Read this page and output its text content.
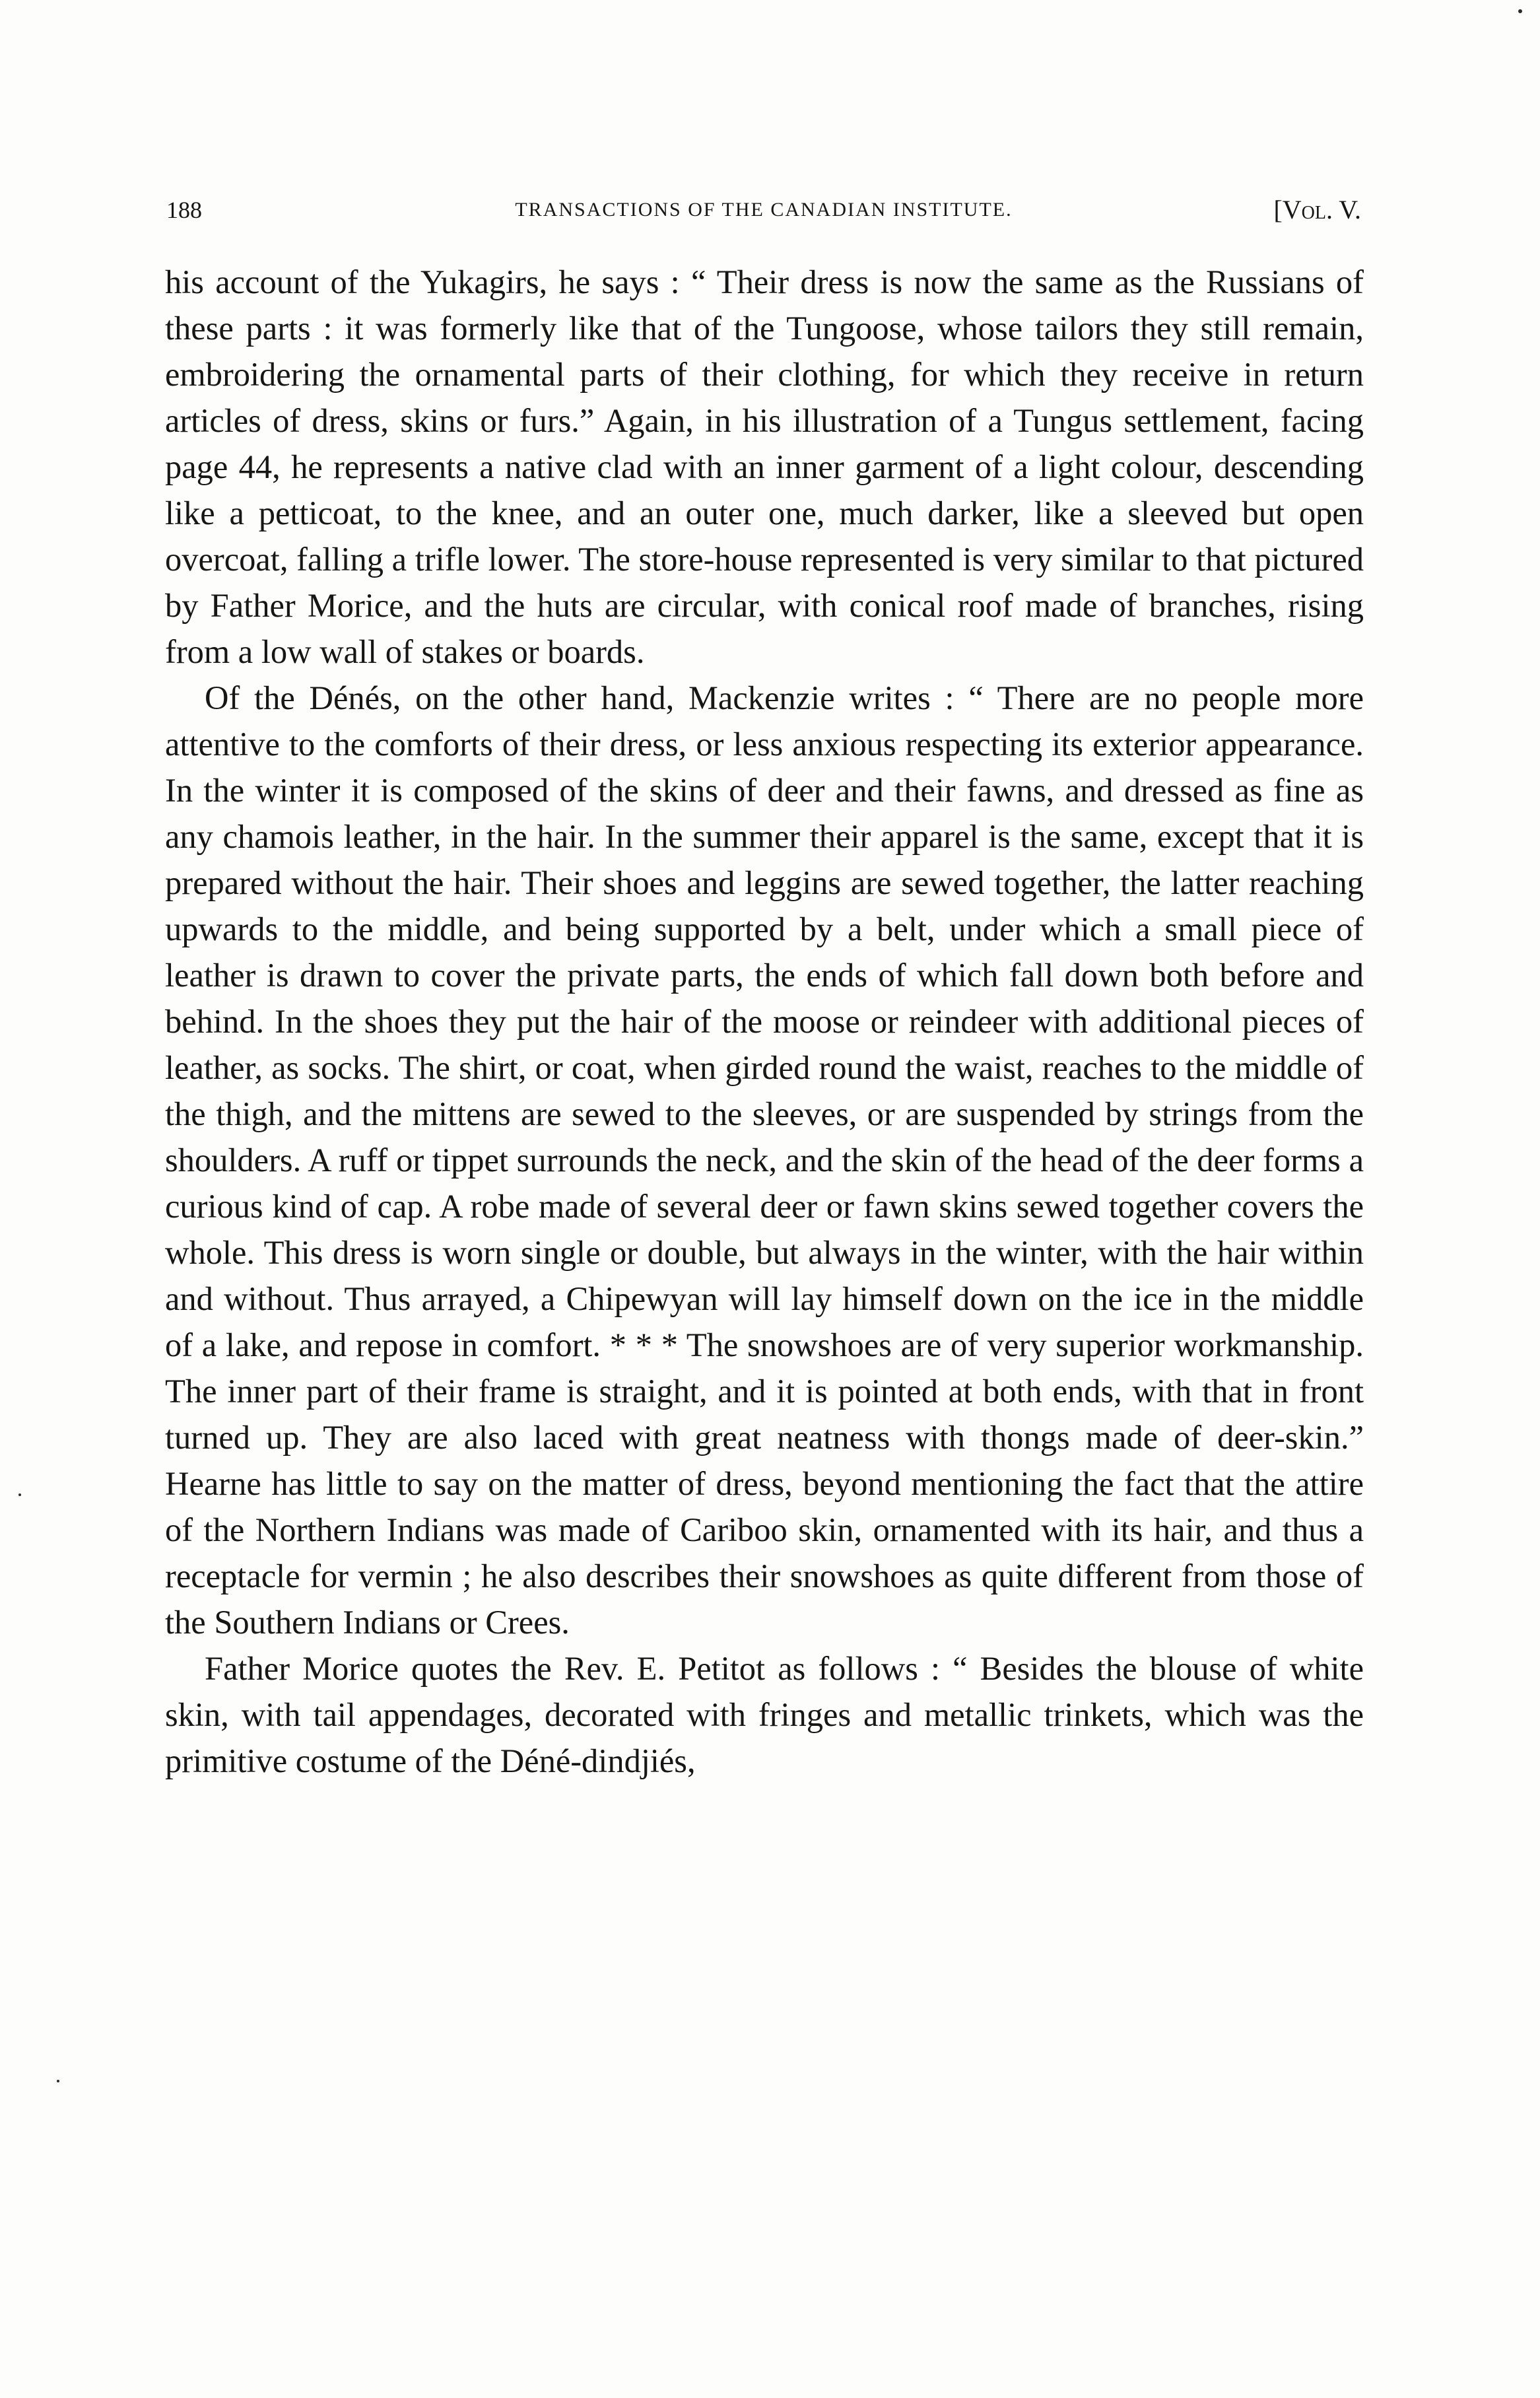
188	TRANSACTIONS OF THE CANADIAN INSTITUTE.	[Vol. V.

his account of the Yukagirs, he says : “ Their dress is now the same as the Russians of these parts : it was formerly like that of the Tungoose, whose tailors they still remain, embroidering the ornamental parts of their clothing, for which they receive in return articles of dress, skins or furs.” Again, in his illustration of a Tungus settlement, facing page 44, he represents a native clad with an inner garment of a light colour, descending like a petticoat, to the knee, and an outer one, much darker, like a sleeved but open overcoat, falling a trifle lower. The store-house represented is very similar to that pictured by Father Morice, and the huts are circular, with conical roof made of branches, rising from a low wall of stakes or boards.

Of the Dénés, on the other hand, Mackenzie writes : “ There are no people more attentive to the comforts of their dress, or less anxious respecting its exterior appearance. In the winter it is composed of the skins of deer and their fawns, and dressed as fine as any chamois leather, in the hair. In the summer their apparel is the same, except that it is prepared without the hair. Their shoes and leggins are sewed together, the latter reaching upwards to the middle, and being supported by a belt, under which a small piece of leather is drawn to cover the private parts, the ends of which fall down both before and behind. In the shoes they put the hair of the moose or reindeer with additional pieces of leather, as socks. The shirt, or coat, when girded round the waist, reaches to the middle of the thigh, and the mittens are sewed to the sleeves, or are suspended by strings from the shoulders. A ruff or tippet surrounds the neck, and the skin of the head of the deer forms a curious kind of cap. A robe made of several deer or fawn skins sewed together covers the whole. This dress is worn single or double, but always in the winter, with the hair within and without. Thus arrayed, a Chipewyan will lay himself down on the ice in the middle of a lake, and repose in comfort. * * * The snowshoes are of very superior workmanship. The inner part of their frame is straight, and it is pointed at both ends, with that in front turned up. They are also laced with great neatness with thongs made of deer-skin.” Hearne has little to say on the matter of dress, beyond mentioning the fact that the attire of the Northern Indians was made of Cariboo skin, ornamented with its hair, and thus a receptacle for vermin ; he also describes their snowshoes as quite different from those of the Southern Indians or Crees.

Father Morice quotes the Rev. E. Petitot as follows : “ Besides the blouse of white skin, with tail appendages, decorated with fringes and metallic trinkets, which was the primitive costume of the Déné-dindjiés,
